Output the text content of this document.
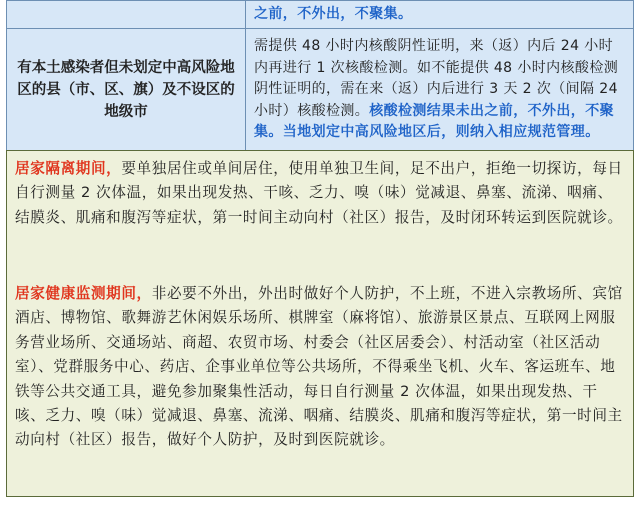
	之前，不外出，不聚集。
有本土感染者但未划定中高风险地区的县（市、区、旗）及不设区的地级市	需提供 48 小时内核酸阴性证明，来（返）内后 24 小时内再进行 1 次核酸检测。如不能提供 48 小时内核酸检测阴性证明的，需在来（返）内后进行 3 天 2 次（间隔 24 小时）核酸检测。核酸检测结果未出之前，不外出，不聚集。当地划定中高风险地区后，则纳入相应规范管理。

居家隔离期间，要单独居住或单间居住，使用单独卫生间，足不出户，拒绝一切探访，每日自行测量 2 次体温，如果出现发热、干咳、乏力、嗅（味）觉减退、鼻塞、流涕、咽痛、结膜炎、肌痛和腹泻等症状，第一时间主动向村（社区）报告，及时闭环转运到医院就诊。

居家健康监测期间，非必要不外出，外出时做好个人防护，不上班，不进入宗教场所、宾馆酒店、博物馆、歌舞游艺休闲娱乐场所、棋牌室（麻将馆）、旅游景区景点、互联网上网服务营业场所、交通场站、商超、农贸市场、村委会（社区居委会）、村活动室（社区活动室）、党群服务中心、药店、企事业单位等公共场所，不得乘坐飞机、火车、客运班车、地铁等公共交通工具，避免参加聚集性活动，每日自行测量 2 次体温，如果出现发热、干咳、乏力、嗅（味）觉减退、鼻塞、流涕、咽痛、结膜炎、肌痛和腹泻等症状，第一时间主动向村（社区）报告，做好个人防护，及时到医院就诊。
